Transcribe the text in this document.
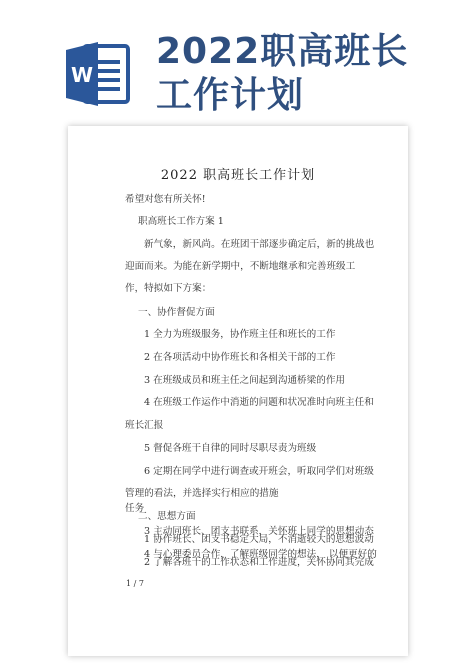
W
2022职高班长
工作计划
2022 职高班长工作计划
希望对您有所关怀!
职高班长工作方案 1
新气象，新风尚。在班团干部逐步确定后，新的挑战也
迎面而来。为能在新学期中，不断地继承和完善班级工
作，特拟如下方案：
一、协作督促方面
1 全力为班级服务，协作班主任和班长的工作
2 在各项活动中协作班长和各相关干部的工作
3 在班级成员和班主任之间起到沟通桥梁的作用
4 在班级工作运作中消逝的问题和状况准时向班主任和
班长汇报
5 督促各班干自律的同时尽职尽责为班级
6 定期在同学中进行调查或开班会，听取同学们对班级
管理的看法，并选择实行相应的措施
二、思想方面
1 协作班长、团支书稳定大局，不消逝较大的思想波动
2 了解各班干的工作状态和工作进度，关怀协同其完成
任务
3 主动同班长、团支书联系，关怀班上同学的思想动态
4 与心理委员合作，了解班级同学的想法， 以便更好的
1 / 7
